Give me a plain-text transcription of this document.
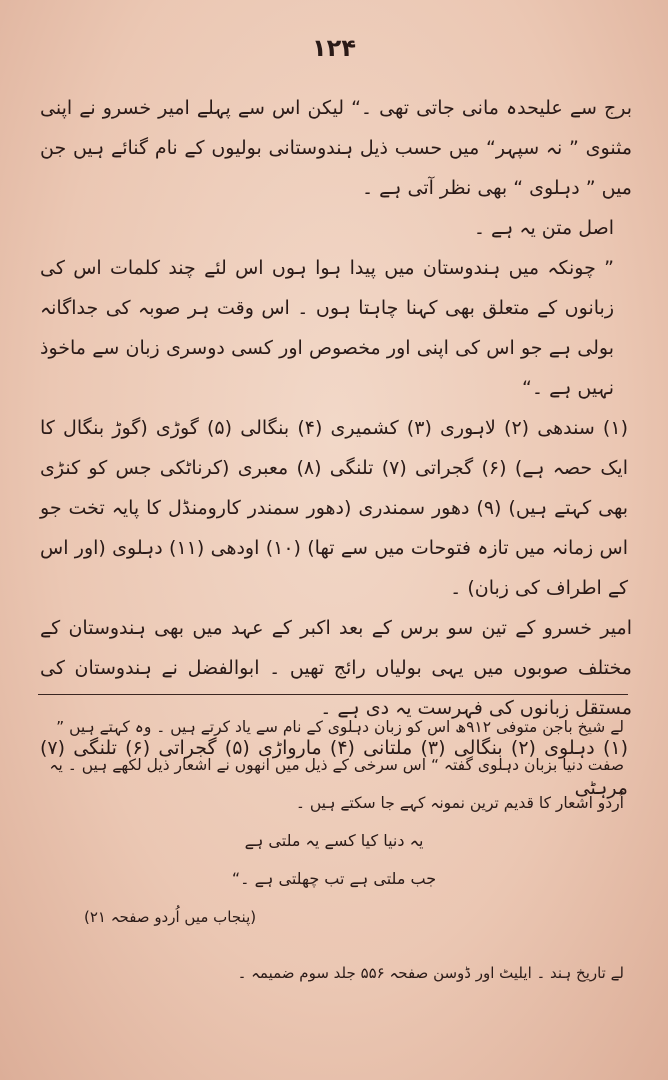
۱۲۴

برج سے علیحدہ مانی جاتی تھی ۔“ لیکن اس سے پہلے امیر خسرو نے اپنی مثنوی ” نہ سپہر“ میں حسب ذیل ہندوستانی بولیوں کے نام گنائے ہیں جن میں ” دہلوی “ بھی نظر آتی ہے ۔

اصل متن یہ ہے ۔

” چونکہ میں ہندوستان میں پیدا ہوا ہوں اس لئے چند کلمات اس کی زبانوں کے متعلق بھی کہنا چاہتا ہوں ۔ اس وقت ہر صوبہ کی جداگانہ بولی ہے جو اس کی اپنی اور مخصوص اور کسی دوسری زبان سے ماخوذ نہیں ہے ۔“

(۱) سندھی (۲) لاہوری (۳) کشمیری (۴) بنگالی (۵) گوڑی (گوڑ بنگال کا ایک حصہ ہے) (۶) گجراتی (۷) تلنگی (۸) معبری (کرناٹکی جس کو کنڑی بھی کہتے ہیں) (۹) دھور سمندری (دھور سمندر کارومنڈل کا پایہ تخت جو اس زمانہ میں تازہ فتوحات میں سے تھا) (۱۰) اودھی (۱۱) دہلوی (اور اس کے اطراف کی زبان) ۔

امیر خسرو کے تین سو برس کے بعد اکبر کے عہد میں بھی ہندوستان کے مختلف صوبوں میں یہی بولیاں رائج تھیں ۔ ابوالفضل نے ہندوستان کی مستقل زبانوں کی فہرست یہ دی ہے ۔

(۱) دہلوی (۲) بنگالی (۳) ملتانی (۴) مارواڑی (۵) گجراتی (۶) تلنگی (۷) مرہٹی

لے شیخ باجن متوفی ۹۱۲ھ اس کو زبان دہلوی کے نام سے یاد کرتے ہیں ۔ وہ کہتے ہیں ” صفت دنیا بزبان دہلوی گفتہ “ اس سرخی کے ذیل میں انھوں نے اشعار ذیل لکھے ہیں ۔ یہ اُردو اشعار کا قدیم ترین نمونہ کہے جا سکتے ہیں ۔

یہ دنیا کیا کسے یہ ملتی ہے

جب ملتی ہے تب چھلتی ہے ۔“

(پنجاب میں اُردو صفحہ ۲۱)

لے تاریخ ہند ۔ ایلیٹ اور ڈوسن صفحہ ۵۵۶ جلد سوم ضمیمہ ۔
